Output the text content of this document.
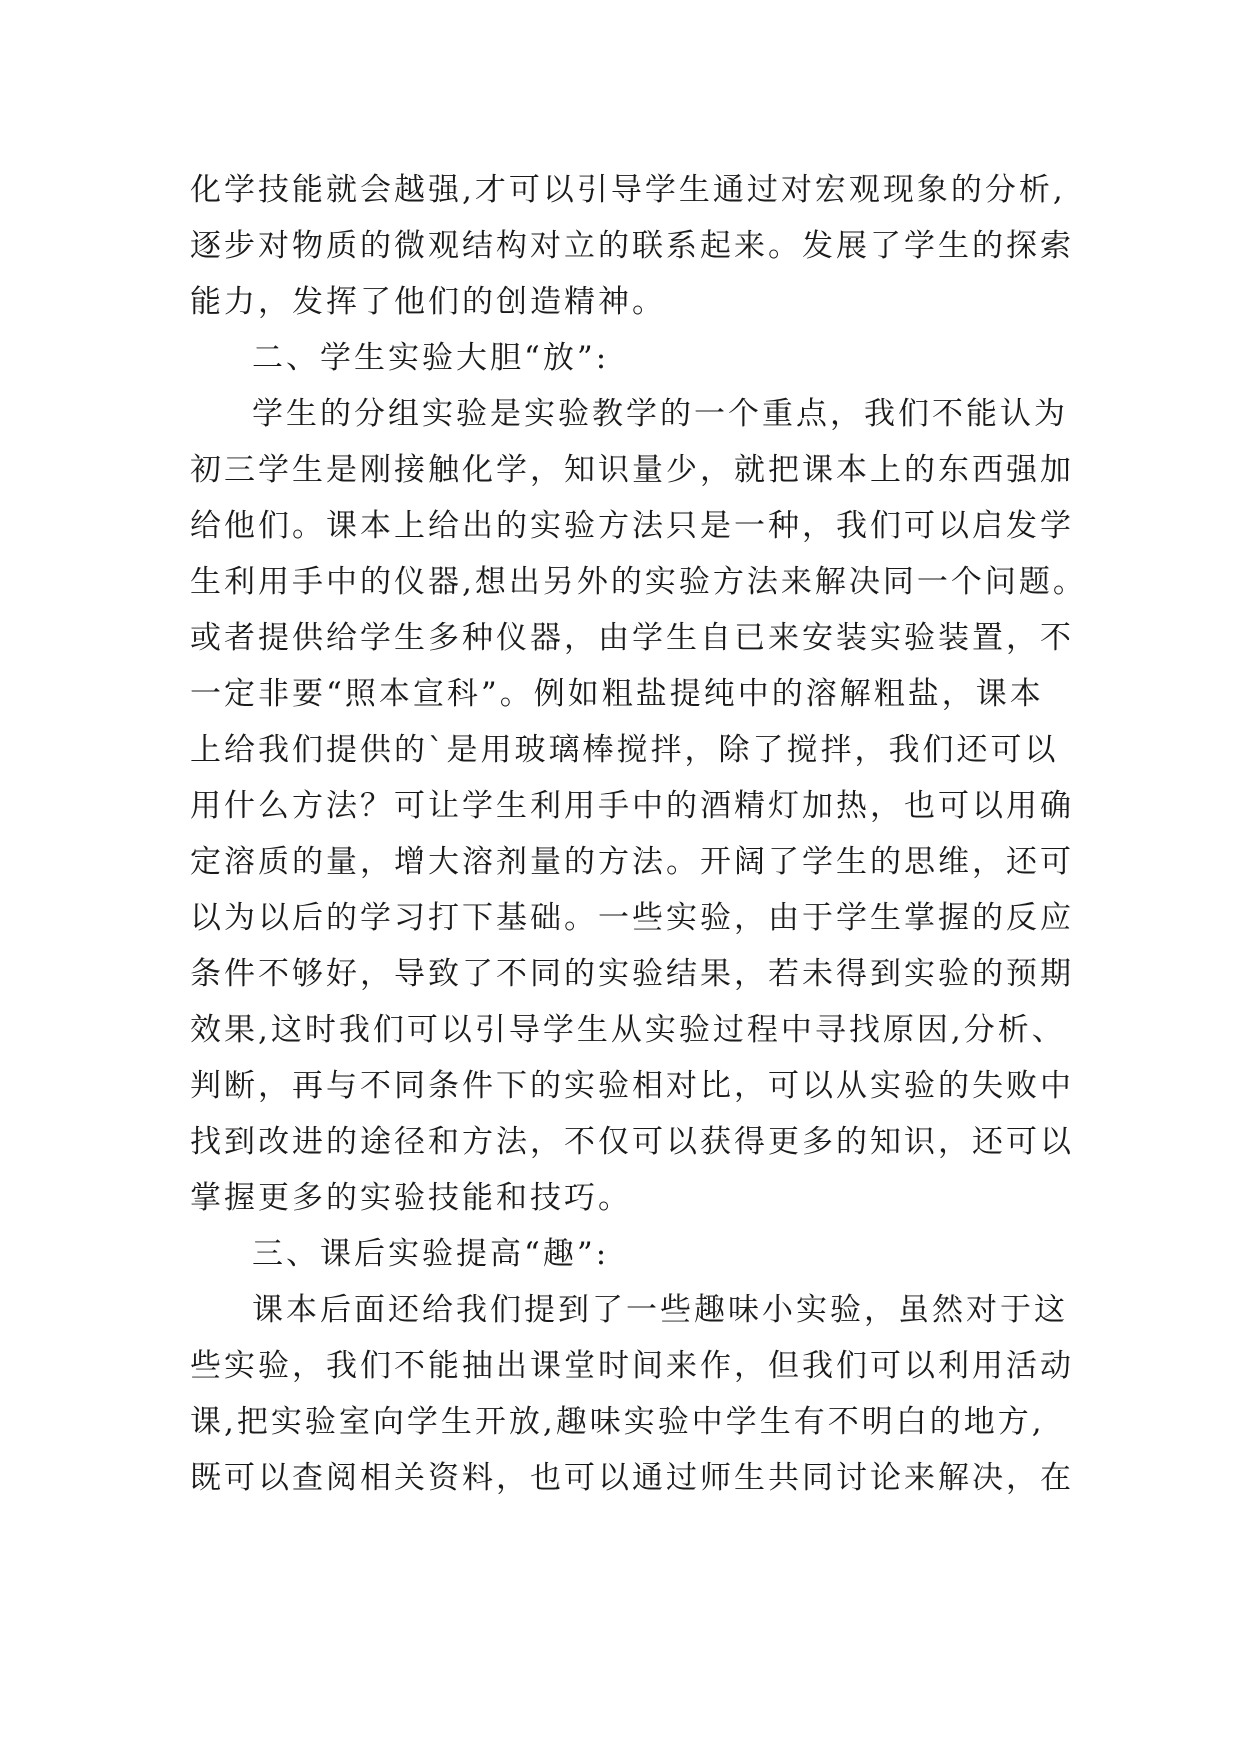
化学技能就会越强,才可以引导学生通过对宏观现象的分析,
逐步对物质的微观结构对立的联系起来。发展了学生的探索
能力，发挥了他们的创造精神。
二、学生实验大胆“放”:
学生的分组实验是实验教学的一个重点，我们不能认为
初三学生是刚接触化学，知识量少，就把课本上的东西强加
给他们。课本上给出的实验方法只是一种，我们可以启发学
生利用手中的仪器,想出另外的实验方法来解决同一个问题。
或者提供给学生多种仪器，由学生自已来安装实验装置，不
一定非要“照本宣科”。例如粗盐提纯中的溶解粗盐，课本
上给我们提供的`是用玻璃棒搅拌，除了搅拌，我们还可以
用什么方法？可让学生利用手中的酒精灯加热，也可以用确
定溶质的量，增大溶剂量的方法。开阔了学生的思维，还可
以为以后的学习打下基础。一些实验，由于学生掌握的反应
条件不够好，导致了不同的实验结果，若未得到实验的预期
效果,这时我们可以引导学生从实验过程中寻找原因,分析、
判断，再与不同条件下的实验相对比，可以从实验的失败中
找到改进的途径和方法，不仅可以获得更多的知识，还可以
掌握更多的实验技能和技巧。
三、课后实验提高“趣”:
课本后面还给我们提到了一些趣味小实验，虽然对于这
些实验，我们不能抽出课堂时间来作，但我们可以利用活动
课,把实验室向学生开放,趣味实验中学生有不明白的地方,
既可以查阅相关资料，也可以通过师生共同讨论来解决，在
